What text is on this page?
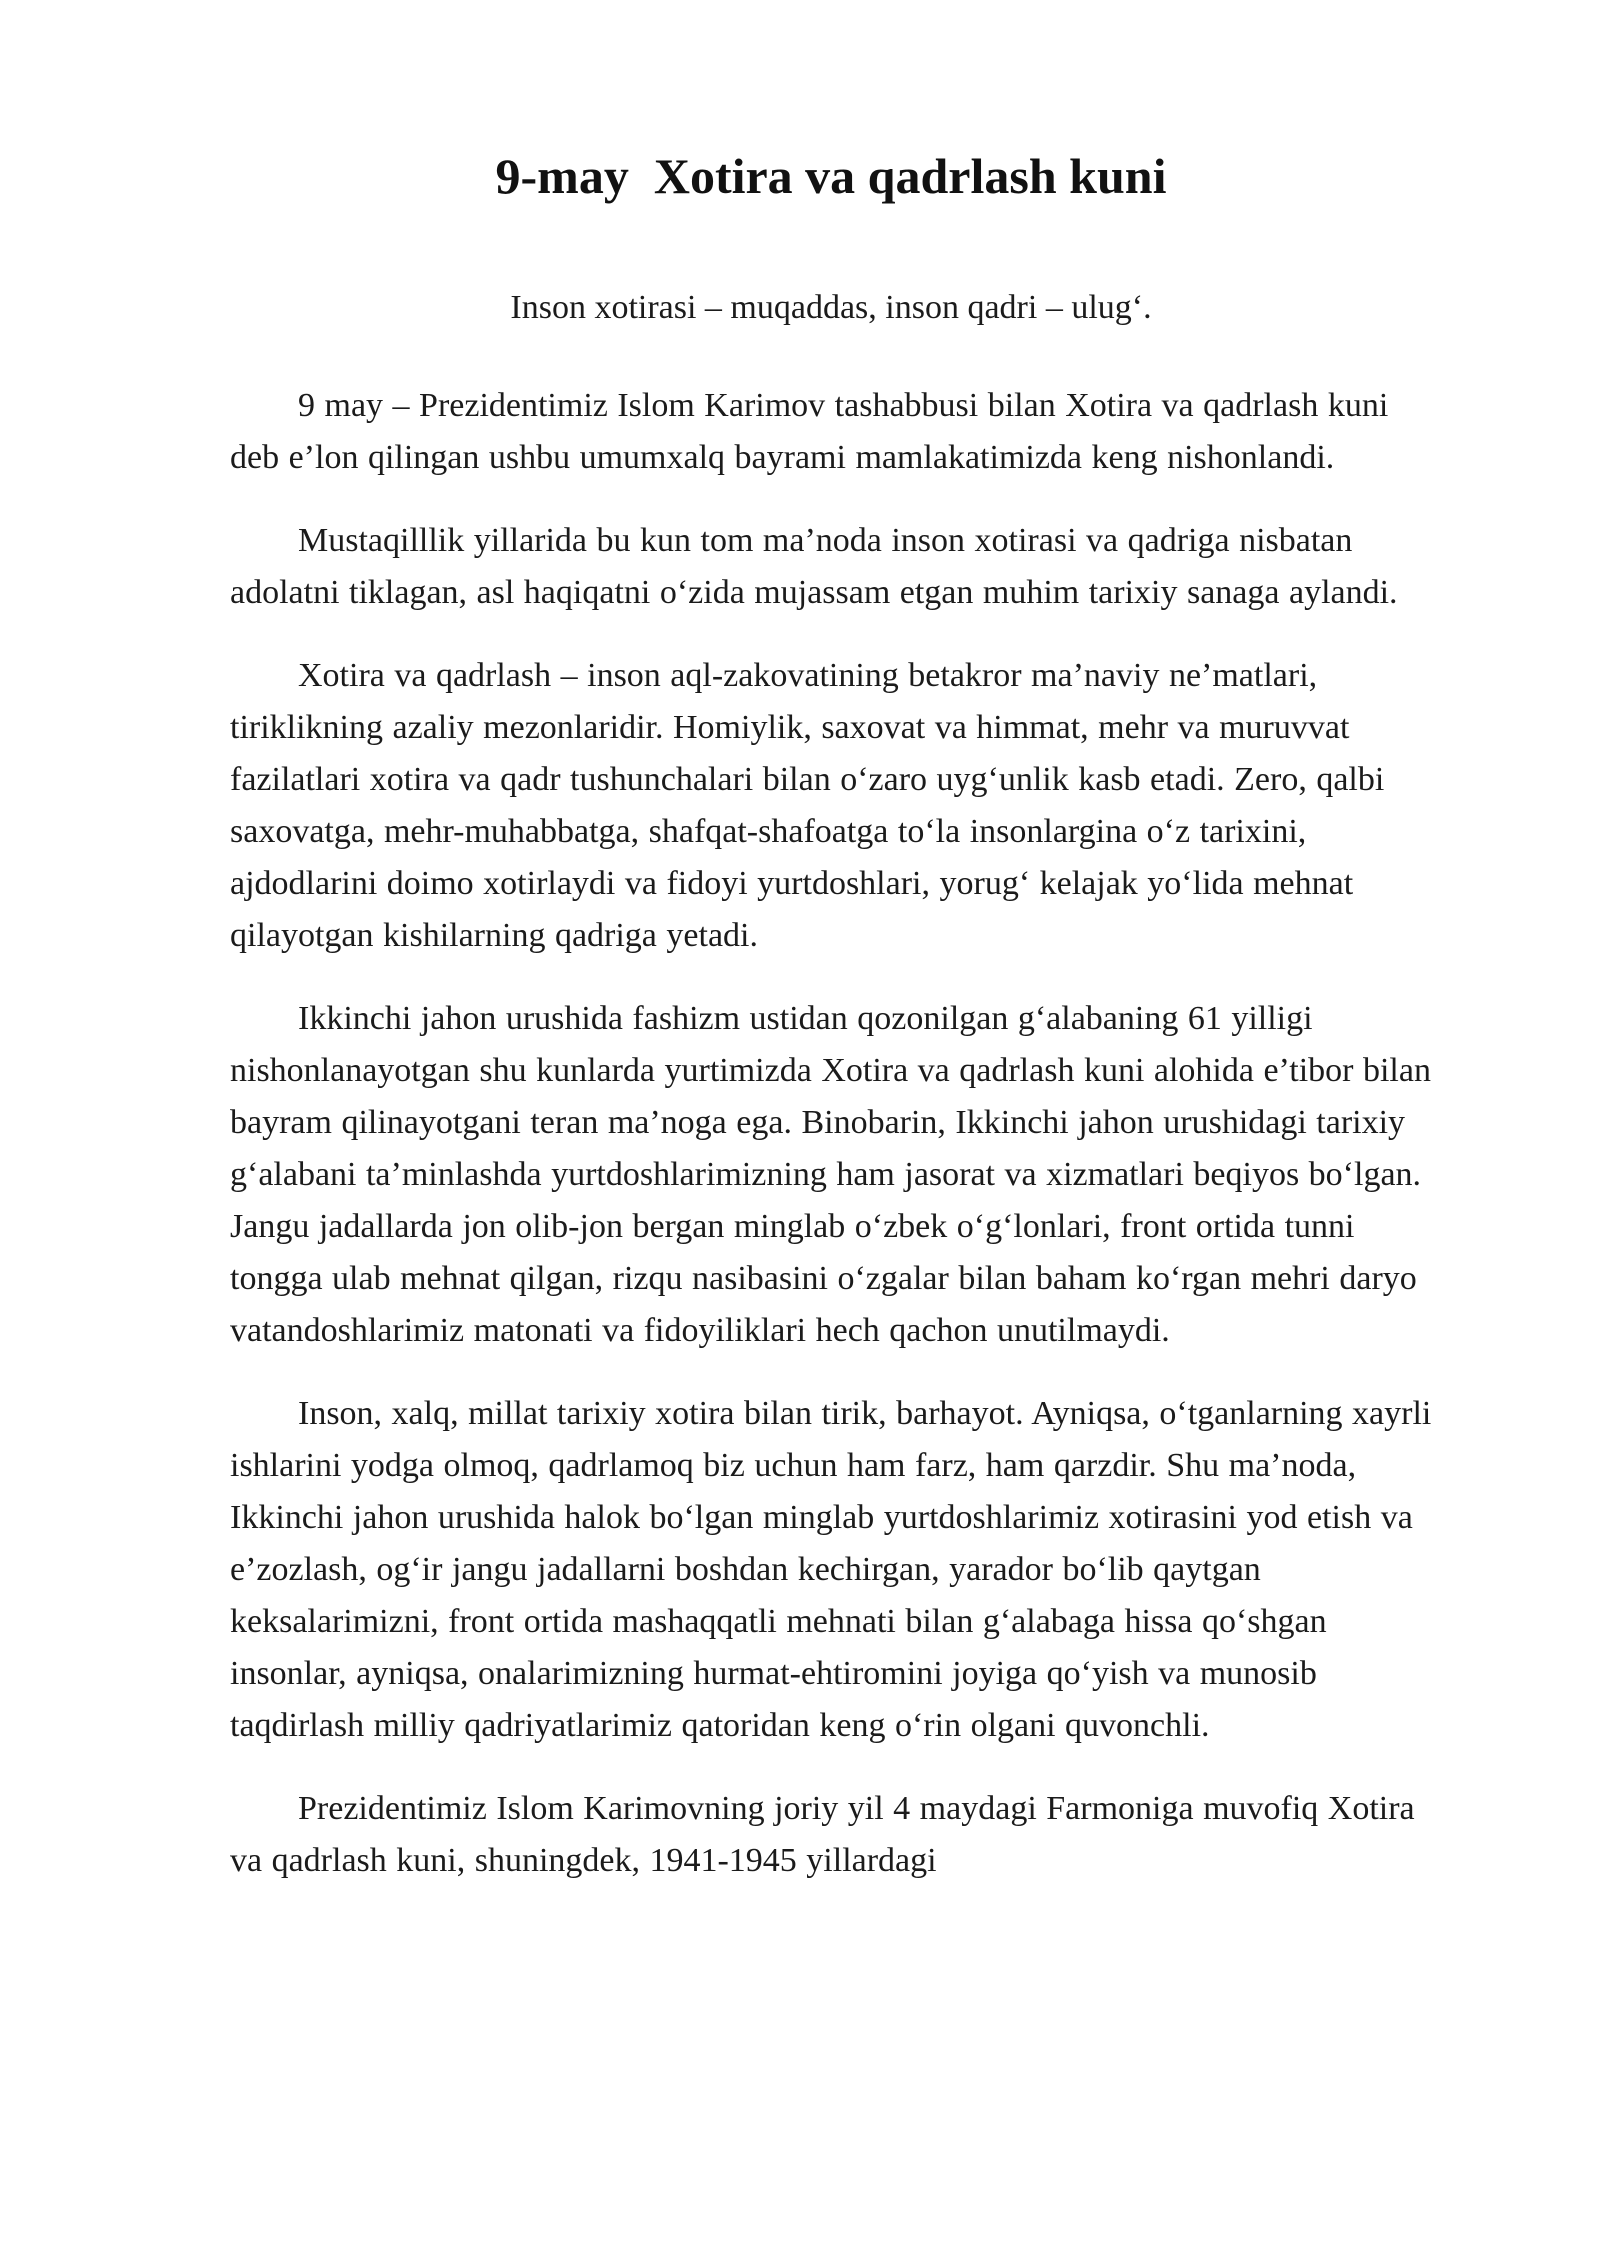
9-may  Xotira va qadrlash kuni

Inson xotirasi – muqaddas, inson qadri – ulugʻ.

9 may – Prezidentimiz Islom Karimov tashabbusi bilan Xotira va qadrlash kuni deb e’lon qilingan ushbu umumxalq bayrami mamlakatimizda keng nishonlandi.

Mustaqilllik yillarida bu kun tom ma’noda inson xotirasi va qadriga nisbatan adolatni tiklagan, asl haqiqatni oʻzida mujassam etgan muhim tarixiy sanaga aylandi.

Xotira va qadrlash – inson aql-zakovatining betakror ma’naviy ne’matlari, tiriklikning azaliy mezonlaridir. Homiylik, saxovat va himmat, mehr va muruvvat fazilatlari xotira va qadr tushunchalari bilan oʻzaro uygʻunlik kasb etadi. Zero, qalbi saxovatga, mehr-muhabbatga, shafqat-shafoatga toʻla insonlargina oʻz tarixini, ajdodlarini doimo xotirlaydi va fidoyi yurtdoshlari, yorugʻ kelajak yoʻlida mehnat qilayotgan kishilarning qadriga yetadi.

Ikkinchi jahon urushida fashizm ustidan qozonilgan gʻalabaning 61 yilligi nishonlanayotgan shu kunlarda yurtimizda Xotira va qadrlash kuni alohida e’tibor bilan bayram qilinayotgani teran ma’noga ega. Binobarin, Ikkinchi jahon urushidagi tarixiy gʻalabani ta’minlashda yurtdoshlarimizning ham jasorat va xizmatlari beqiyos boʻlgan. Jangu jadallarda jon olib-jon bergan minglab oʻzbek oʻgʻlonlari, front ortida tunni tongga ulab mehnat qilgan, rizqu nasibasini oʻzgalar bilan baham koʻrgan mehri daryo vatandoshlarimiz matonati va fidoyiliklari hech qachon unutilmaydi.

Inson, xalq, millat tarixiy xotira bilan tirik, barhayot. Ayniqsa, oʻtganlarning xayrli ishlarini yodga olmoq, qadrlamoq biz uchun ham farz, ham qarzdir. Shu ma’noda, Ikkinchi jahon urushida halok boʻlgan minglab yurtdoshlarimiz xotirasini yod etish va e’zozlash, ogʻir jangu jadallarni boshdan kechirgan, yarador boʻlib qaytgan keksalarimizni, front ortida mashaqqatli mehnati bilan gʻalabaga hissa qoʻshgan insonlar, ayniqsa, onalarimizning hurmat-ehtiromini joyiga qoʻyish va munosib taqdirlash milliy qadriyatlarimiz qatoridan keng oʻrin olgani quvonchli.

Prezidentimiz Islom Karimovning joriy yil 4 maydagi Farmoniga muvofiq Xotira va qadrlash kuni, shuningdek, 1941-1945 yillardagi
